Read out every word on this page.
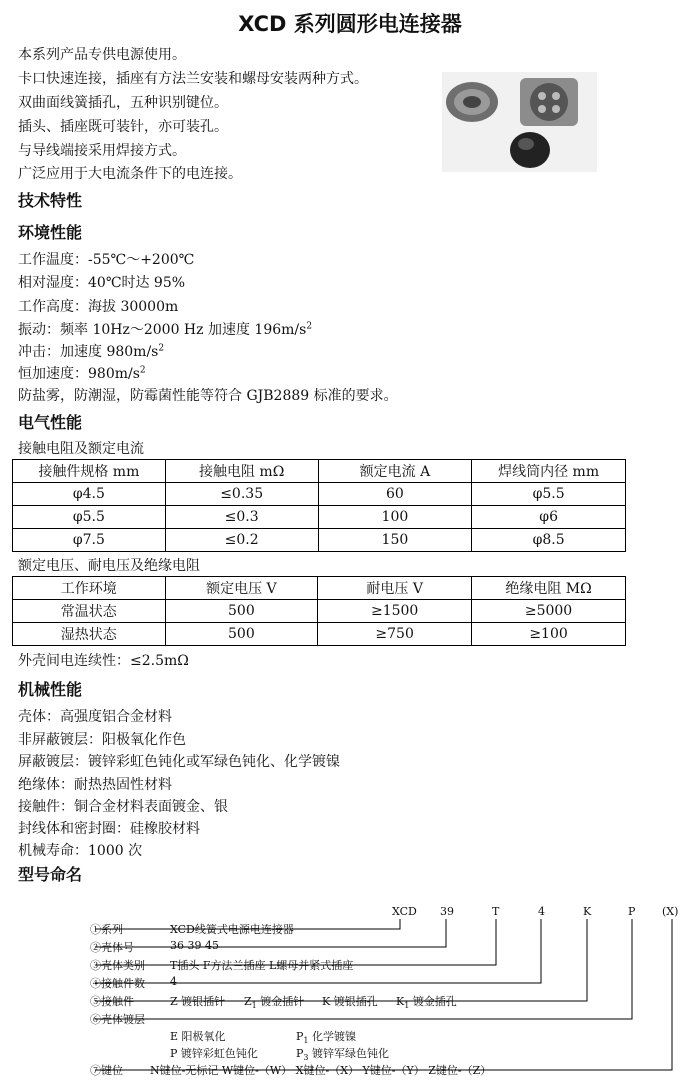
XCD 系列圆形电连接器
本系列产品专供电源使用。
卡口快速连接，插座有方法兰安装和螺母安装两种方式。
双曲面线簧插孔，五种识别键位。
插头、插座既可装针，亦可装孔。
与导线端接采用焊接方式。
广泛应用于大电流条件下的电连接。
技术特性
环境性能
工作温度：-55℃～+200℃
相对湿度：40℃时达 95%
工作高度：海拔 30000m
振动：频率 10Hz～2000 Hz 加速度 $196m/s^2$
冲击：加速度 $980m/s^2$
恒加速度：$980m/s^2$
防盐雾，防潮湿，防霉菌性能等符合 GJB2889 标准的要求。
电气性能
接触电阻及额定电流
接触件规格 mm	接触电阻 mΩ	额定电流 A	焊线筒内径 mm
φ4.5	≤0.35	60	φ5.5
φ5.5	≤0.3	100	φ6
φ7.5	≤0.2	150	φ8.5
额定电压、耐电压及绝缘电阻
工作环境	额定电压 V	耐电压 V	绝缘电阻 MΩ
常温状态	500	≥1500	≥5000
湿热状态	500	≥750	≥100
外壳间电连续性：≤2.5mΩ
机械性能
壳体：高强度铝合金材料
非屏蔽镀层：阳极氧化作色
屏蔽镀层：镀锌彩虹色钝化或军绿色钝化、化学镀镍
绝缘体：耐热热固性材料
接触件：铜合金材料表面镀金、银
封线体和密封圈：硅橡胶材料
机械寿命：1000 次
型号命名
XCD 39	T	4	K	P (X)
①系列	XCD线簧式电源电连接器
②壳体号	36 39 45
③壳体类别 T插头 F方法兰插座 L螺母并紧式插座
④接触件数 4
⑤接触件	Z 镀银插针 $Z_1$ 镀金插针 K 镀银插孔 $K_1$ 镀金插孔
⑥壳体镀层
E 阳极氧化	$P_1$ 化学镀镍
P 镀锌彩虹色钝化	$P_3$ 镀锌军绿色钝化
⑦键位 N键位-无标记 W键位-（W） X键位-（X） Y键位-（Y） Z键位-（Z）
